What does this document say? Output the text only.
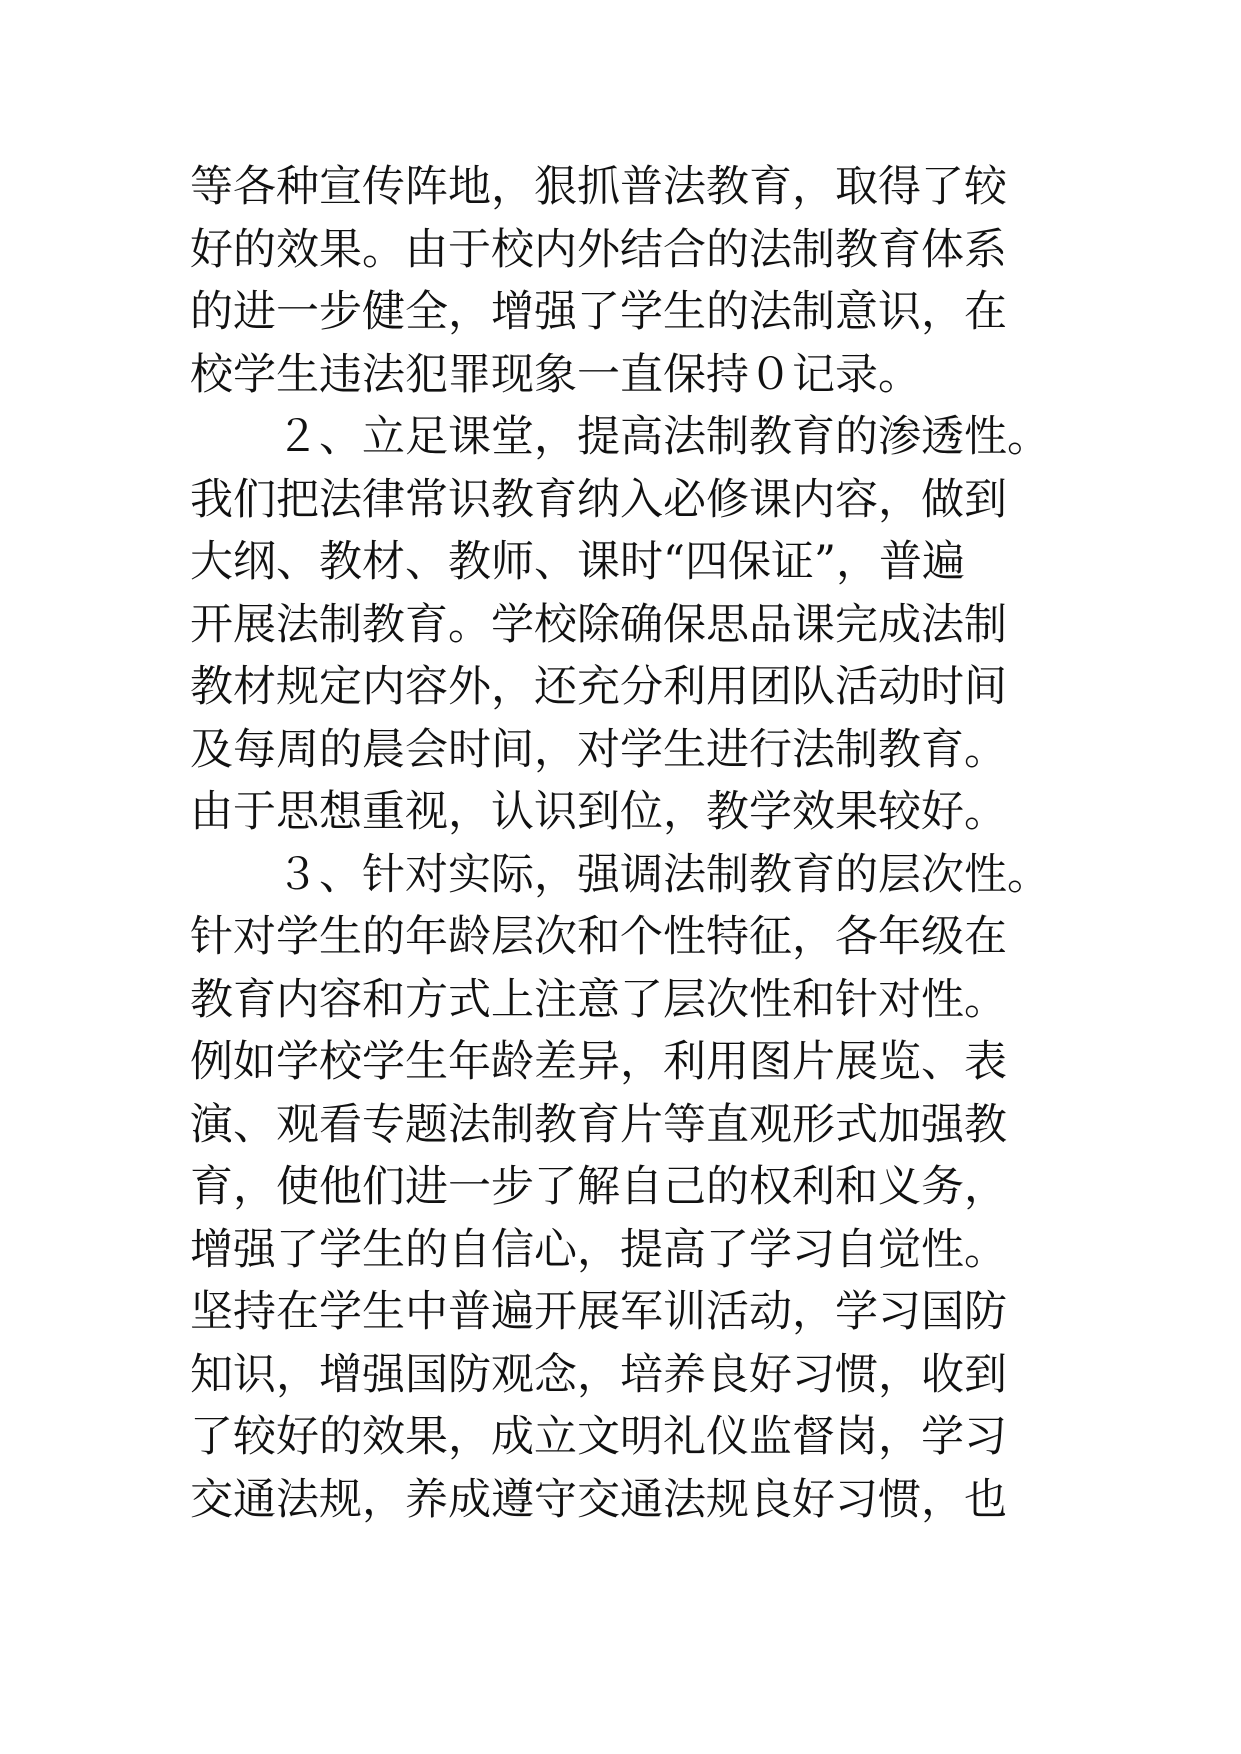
等各种宣传阵地，狠抓普法教育，取得了较
好的效果。由于校内外结合的法制教育体系
的进一步健全，增强了学生的法制意识，在
校学生违法犯罪现象一直保持０记录。
２、立足课堂，提高法制教育的渗透性。
我们把法律常识教育纳入必修课内容，做到
大纲、教材、教师、课时“四保证”，普遍
开展法制教育。学校除确保思品课完成法制
教材规定内容外，还充分利用团队活动时间
及每周的晨会时间，对学生进行法制教育。
由于思想重视，认识到位，教学效果较好。
３、针对实际，强调法制教育的层次性。
针对学生的年龄层次和个性特征，各年级在
教育内容和方式上注意了层次性和针对性。
例如学校学生年龄差异，利用图片展览、表
演、观看专题法制教育片等直观形式加强教
育，使他们进一步了解自己的权利和义务，
增强了学生的自信心，提高了学习自觉性。
坚持在学生中普遍开展军训活动，学习国防
知识，增强国防观念，培养良好习惯，收到
了较好的效果，成立文明礼仪监督岗，学习
交通法规，养成遵守交通法规良好习惯，也
